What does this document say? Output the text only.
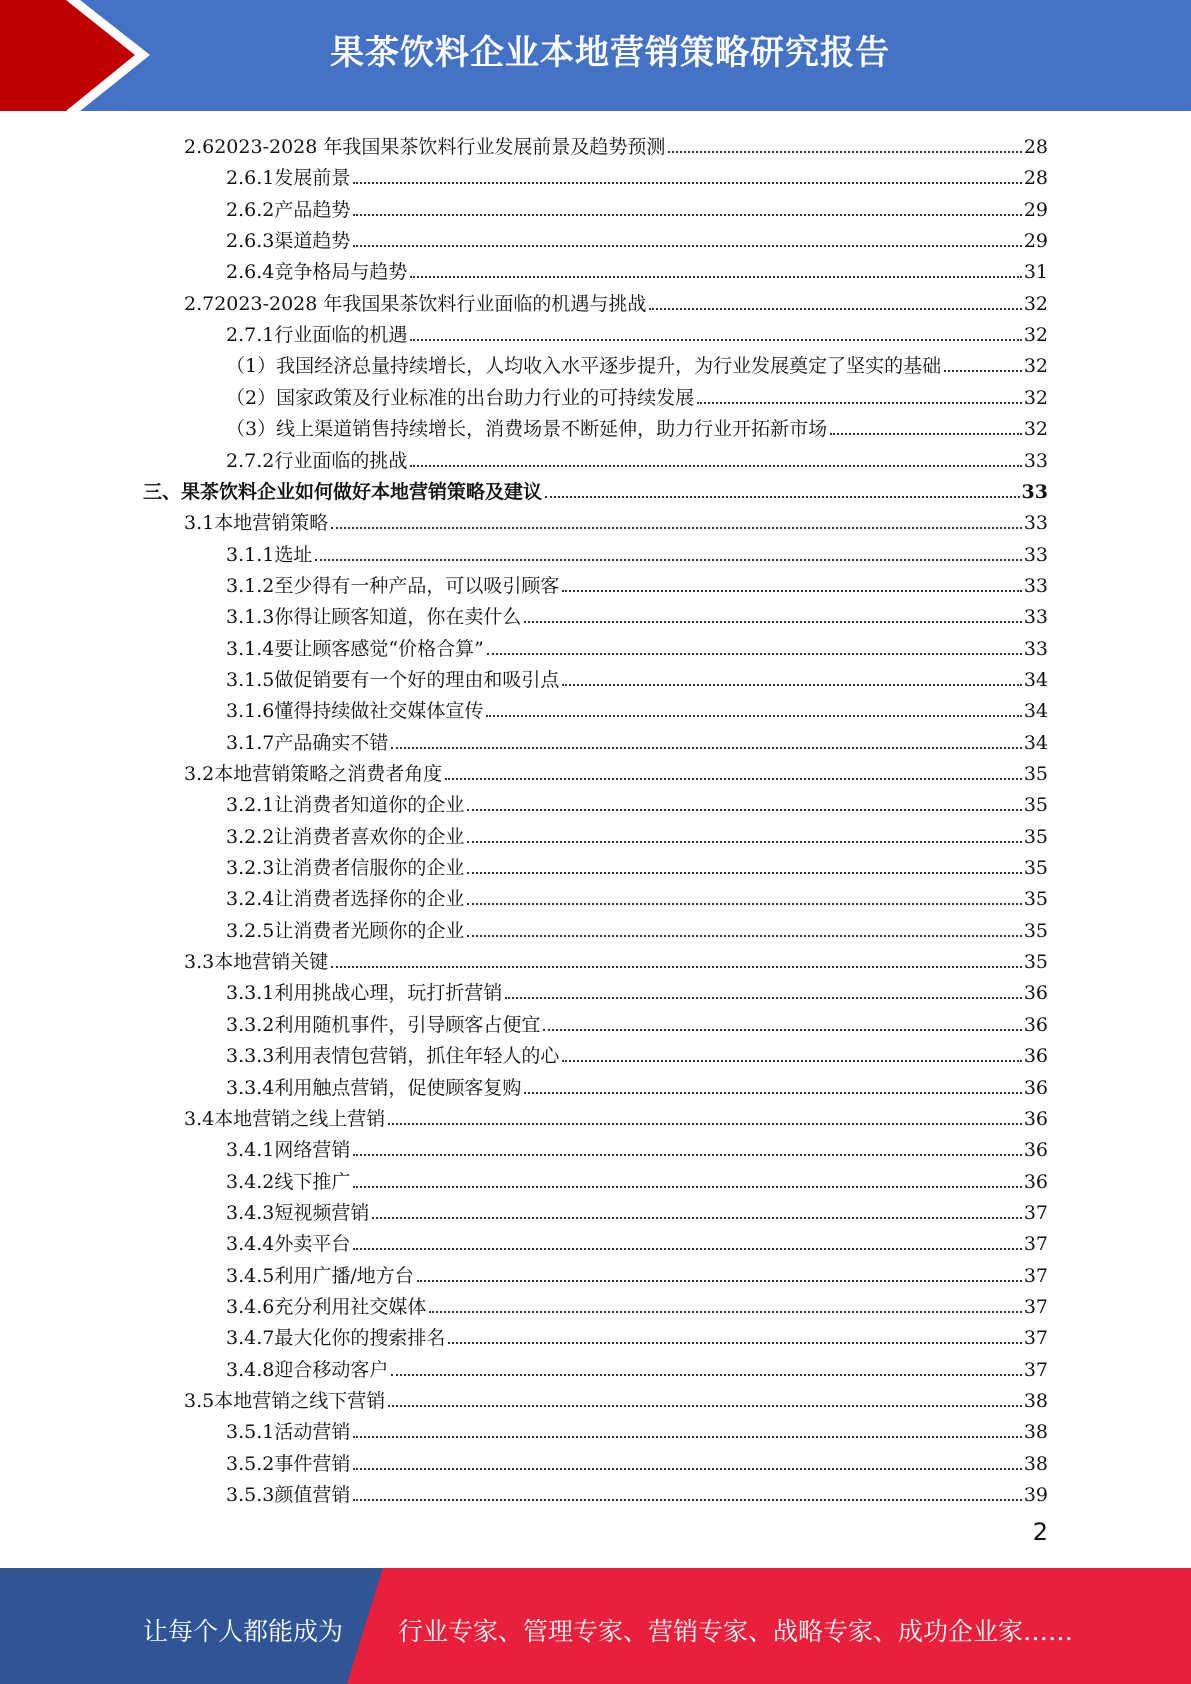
果茶饮料企业本地营销策略研究报告
2.6 2023-2028 年我国果茶饮料行业发展前景及趋势预测	28
2.6.1 发展前景	28
2.6.2 产品趋势	29
2.6.3 渠道趋势	29
2.6.4 竞争格局与趋势	31
2.7 2023-2028 年我国果茶饮料行业面临的机遇与挑战	32
2.7.1 行业面临的机遇	32
（1） 我国经济总量持续增长，人均收入水平逐步提升，为行业发展奠定了坚实的基础	32
（2） 国家政策及行业标准的出台助力行业的可持续发展	32
（3） 线上渠道销售持续增长，消费场景不断延伸，助力行业开拓新市场	32
2.7.2 行业面临的挑战	33
三、 果茶饮料企业如何做好本地营销策略及建议	33
3.1 本地营销策略	33
3.1.1 选址	33
3.1.2 至少得有一种产品，可以吸引顾客	33
3.1.3 你得让顾客知道，你在卖什么	33
3.1.4 要让顾客感觉“价格合算”	33
3.1.5 做促销要有一个好的理由和吸引点	34
3.1.6 懂得持续做社交媒体宣传	34
3.1.7 产品确实不错	34
3.2 本地营销策略之消费者角度	35
3.2.1 让消费者知道你的企业	35
3.2.2 让消费者喜欢你的企业	35
3.2.3 让消费者信服你的企业	35
3.2.4 让消费者选择你的企业	35
3.2.5 让消费者光顾你的企业	35
3.3 本地营销关键	35
3.3.1 利用挑战心理，玩打折营销	36
3.3.2 利用随机事件，引导顾客占便宜	36
3.3.3 利用表情包营销，抓住年轻人的心	36
3.3.4 利用触点营销，促使顾客复购	36
3.4 本地营销之线上营销	36
3.4.1 网络营销	36
3.4.2 线下推广	36
3.4.3 短视频营销	37
3.4.4 外卖平台	37
3.4.5 利用广播/地方台	37
3.4.6 充分利用社交媒体	37
3.4.7 最大化你的搜索排名	37
3.4.8 迎合移动客户	37
3.5 本地营销之线下营销	38
3.5.1 活动营销	38
3.5.2 事件营销	38
3.5.3 颜值营销	39
2
让每个人都能成为 行业专家、管理专家、营销专家、战略专家、成功企业家……
